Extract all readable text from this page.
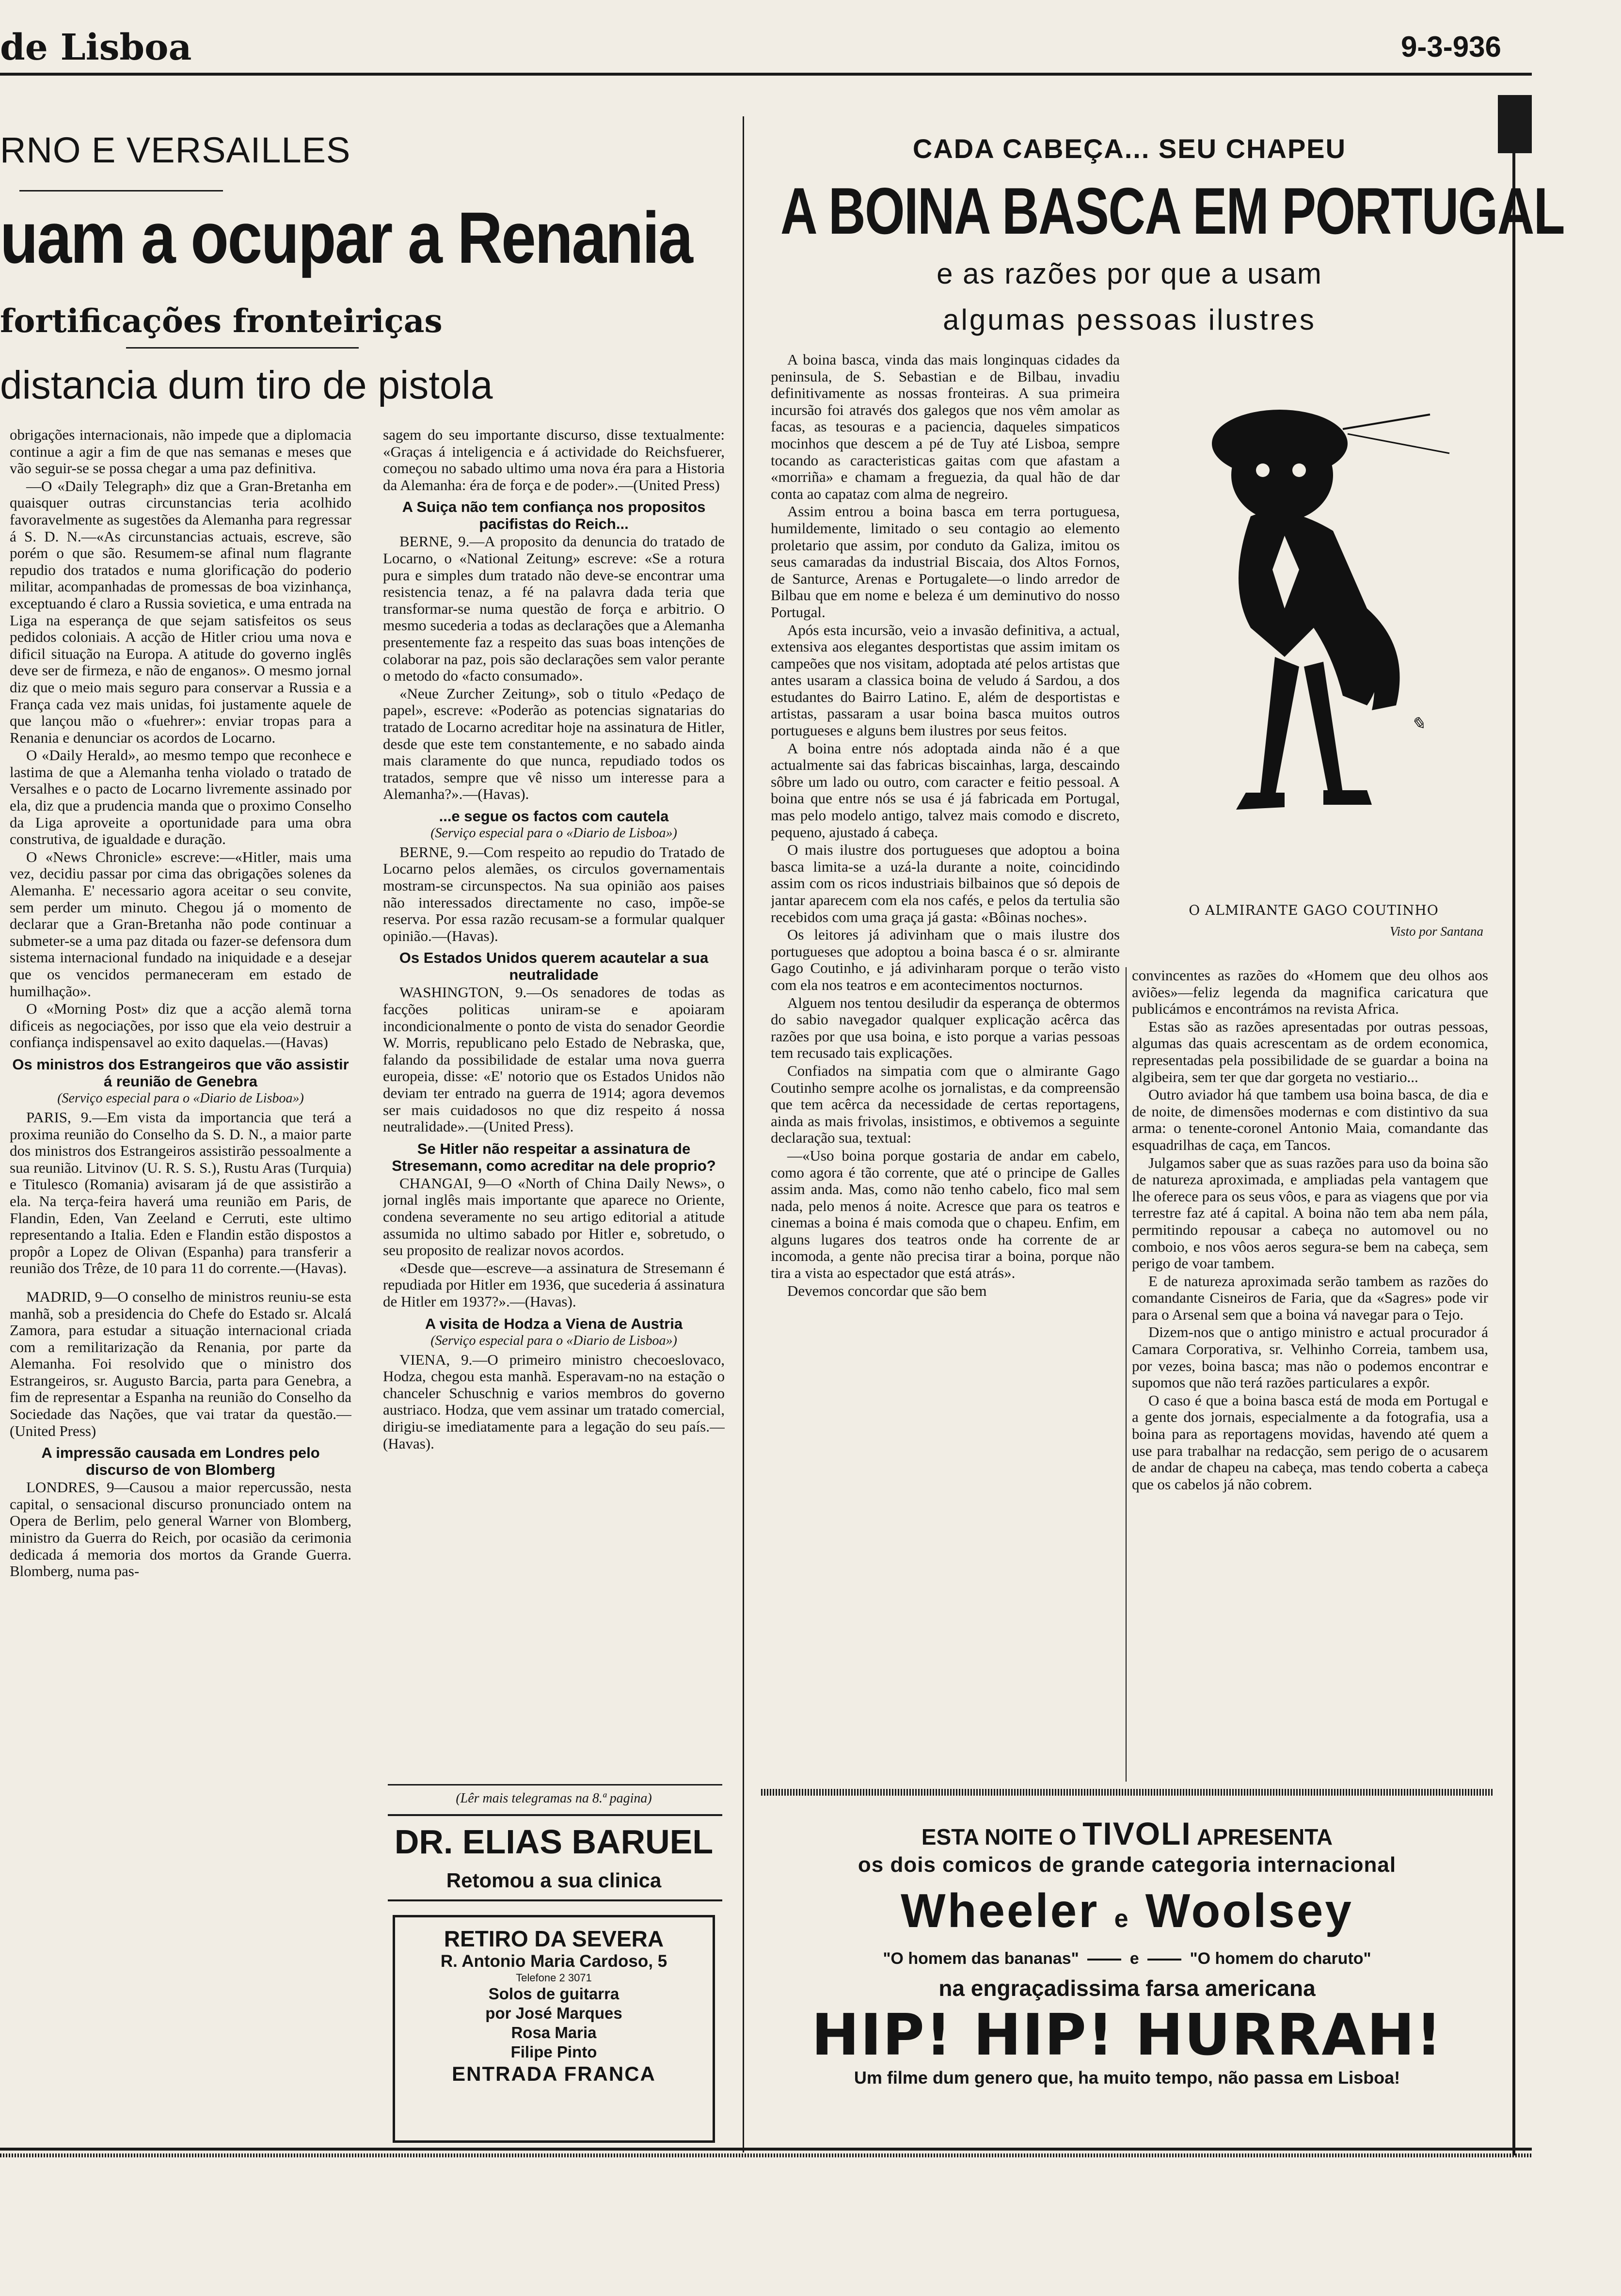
de Lisboa	9-3-936
RNO E VERSAILLES
uam a ocupar a Renania
fortificações fronteiriças
distancia dum tiro de pistola

obrigações internacionais, não impede que a diplomacia continue a agir a fim de que nas semanas e meses que vão seguir-se se possa chegar a uma paz definitiva.

—O «Daily Telegraph» diz que a Gran-Bretanha em quaisquer outras circunstancias teria acolhido favoravelmente as sugestões da Alemanha para regressar á S. D. N.—«As circunstancias actuais, escreve, são porém o que são. Resumem-se afinal num flagrante repudio dos tratados e numa glorificação do poderio militar, acompanhadas de promessas de boa vizinhança, exceptuando é claro a Russia sovietica, e uma entrada na Liga na esperança de que sejam satisfeitos os seus pedidos coloniais. A acção de Hitler criou uma nova e dificil situação na Europa. A atitude do governo inglês deve ser de firmeza, e não de enganos». O mesmo jornal diz que o meio mais seguro para conservar a Russia e a França cada vez mais unidas, foi justamente aquele de que lançou mão o «fuehrer»: enviar tropas para a Renania e denunciar os acordos de Locarno.

O «Daily Herald», ao mesmo tempo que reconhece e lastima de que a Alemanha tenha violado o tratado de Versalhes e o pacto de Locarno livremente assinado por ela, diz que a prudencia manda que o proximo Conselho da Liga aproveite a oportunidade para uma obra construtiva, de igualdade e duração.

O «News Chronicle» escreve:—«Hitler, mais uma vez, decidiu passar por cima das obrigações solenes da Alemanha. E' necessario agora aceitar o seu convite, sem perder um minuto. Chegou já o momento de declarar que a Gran-Bretanha não pode continuar a submeter-se a uma paz ditada ou fazer-se defensora dum sistema internacional fundado na iniquidade e a desejar que os vencidos permaneceram em estado de humilhação».

O «Morning Post» diz que a acção alemã torna dificeis as negociações, por isso que ela veio destruir a confiança indispensavel ao exito daquelas.—(Havas)

Os ministros dos Estrangeiros que vão assistir á reunião de Genebra
(Serviço especial para o «Diario de Lisboa»)

PARIS, 9.—Em vista da importancia que terá a proxima reunião do Conselho da S. D. N., a maior parte dos ministros dos Estrangeiros assistirão pessoalmente a sua reunião. Litvinov (U. R. S. S.), Rustu Aras (Turquia) e Titulesco (Romania) avisaram já de que assistirão a ela. Na terça-feira haverá uma reunião em Paris, de Flandin, Eden, Van Zeeland e Cerruti, este ultimo representando a Italia. Eden e Flandin estão dispostos a propôr a Lopez de Olivan (Espanha) para transferir a reunião dos Trêze, de 10 para 11 do corrente.—(Havas).

MADRID, 9—O conselho de ministros reuniu-se esta manhã, sob a presidencia do Chefe do Estado sr. Alcalá Zamora, para estudar a situação internacional criada com a remilitarização da Renania, por parte da Alemanha. Foi resolvido que o ministro dos Estrangeiros, sr. Augusto Barcia, parta para Genebra, a fim de representar a Espanha na reunião do Conselho da Sociedade das Nações, que vai tratar da questão.—(United Press)

A impressão causada em Londres pelo discurso de von Blomberg

LONDRES, 9—Causou a maior repercussão, nesta capital, o sensacional discurso pronunciado ontem na Opera de Berlim, pelo general Warner von Blomberg, ministro da Guerra do Reich, por ocasião da cerimonia dedicada á memoria dos mortos da Grande Guerra. Blomberg, numa pas-

sagem do seu importante discurso, disse textualmente: «Graças á inteligencia e á actividade do Reichsfuerer, começou no sabado ultimo uma nova éra para a Historia da Alemanha: éra de força e de poder».—(United Press)

A Suiça não tem confiança nos propositos pacifistas do Reich...

BERNE, 9.—A proposito da denuncia do tratado de Locarno, o «National Zeitung» escreve: «Se a rotura pura e simples dum tratado não deve-se encontrar uma resistencia tenaz, a fé na palavra dada teria que transformar-se numa questão de força e arbitrio. O mesmo sucederia a todas as declarações que a Alemanha presentemente faz a respeito das suas boas intenções de colaborar na paz, pois são declarações sem valor perante o metodo do «facto consumado».

«Neue Zurcher Zeitung», sob o titulo «Pedaço de papel», escreve: «Poderão as potencias signatarias do tratado de Locarno acreditar hoje na assinatura de Hitler, desde que este tem constantemente, e no sabado ainda mais claramente do que nunca, repudiado todos os tratados, sempre que vê nisso um interesse para a Alemanha?».—(Havas).

...e segue os factos com cautela
(Serviço especial para o «Diario de Lisboa»)

BERNE, 9.—Com respeito ao repudio do Tratado de Locarno pelos alemães, os circulos governamentais mostram-se circunspectos. Na sua opinião aos paises não interessados directamente no caso, impõe-se reserva. Por essa razão recusam-se a formular qualquer opinião.—(Havas).

Os Estados Unidos querem acautelar a sua neutralidade

WASHINGTON, 9.—Os senadores de todas as facções politicas uniram-se e apoiaram incondicionalmente o ponto de vista do senador Geordie W. Morris, republicano pelo Estado de Nebraska, que, falando da possibilidade de estalar uma nova guerra europeia, disse: «E' notorio que os Estados Unidos não deviam ter entrado na guerra de 1914; agora devemos ser mais cuidadosos no que diz respeito á nossa neutralidade».—(United Press).

Se Hitler não respeitar a assinatura de Stresemann, como acreditar na dele proprio?

CHANGAI, 9—O «North of China Daily News», o jornal inglês mais importante que aparece no Oriente, condena severamente no seu artigo editorial a atitude assumida no ultimo sabado por Hitler e, sobretudo, o seu proposito de realizar novos acordos.

«Desde que—escreve—a assinatura de Stresemann é repudiada por Hitler em 1936, que sucederia á assinatura de Hitler em 1937?».—(Havas).

A visita de Hodza a Viena de Austria
(Serviço especial para o «Diario de Lisboa»)

VIENA, 9.—O primeiro ministro checoeslovaco, Hodza, chegou esta manhã. Esperavam-no na estação o chanceler Schuschnig e varios membros do governo austriaco. Hodza, que vem assinar um tratado comercial, dirigiu-se imediatamente para a legação do seu país.—(Havas).

(Lêr mais telegramas na 8.ª pagina)
DR. ELIAS BARUEL
Retomou a sua clinica
RETIRO DA SEVERA
R. Antonio Maria Cardoso, 5
Telefone 2 3071
Solos de guitarra
por José Marques
Rosa Maria
Filipe Pinto
ENTRADA FRANCA
CADA CABEÇA... SEU CHAPEU
A BOINA BASCA EM PORTUGAL
e as razões por que a usam
algumas pessoas ilustres
✎
O ALMIRANTE GAGO COUTINHO
Visto por Santana

A boina basca, vinda das mais longinquas cidades da peninsula, de S. Sebastian e de Bilbau, invadiu definitivamente as nossas fronteiras. A sua primeira incursão foi através dos galegos que nos vêm amolar as facas, as tesouras e a paciencia, daqueles simpaticos mocinhos que descem a pé de Tuy até Lisboa, sempre tocando as caracteristicas gaitas com que afastam a «morriña» e chamam a freguezia, da qual hão de dar conta ao capataz com alma de negreiro.

Assim entrou a boina basca em terra portuguesa, humildemente, limitado o seu contagio ao elemento proletario que assim, por conduto da Galiza, imitou os seus camaradas da industrial Biscaia, dos Altos Fornos, de Santurce, Arenas e Portugalete—o lindo arredor de Bilbau que em nome e beleza é um deminutivo do nosso Portugal.

Após esta incursão, veio a invasão definitiva, a actual, extensiva aos elegantes desportistas que assim imitam os campeões que nos visitam, adoptada até pelos artistas que antes usaram a classica boina de veludo á Sardou, a dos estudantes do Bairro Latino. E, além de desportistas e artistas, passaram a usar boina basca muitos outros portugueses e alguns bem ilustres por seus feitos.

A boina entre nós adoptada ainda não é a que actualmente sai das fabricas biscainhas, larga, descaindo sôbre um lado ou outro, com caracter e feitio pessoal. A boina que entre nós se usa é já fabricada em Portugal, mas pelo modelo antigo, talvez mais comodo e discreto, pequeno, ajustado á cabeça.

O mais ilustre dos portugueses que adoptou a boina basca limita-se a uzá-la durante a noite, coincidindo assim com os ricos industriais bilbainos que só depois de jantar aparecem com ela nos cafés, e pelos da tertulia são recebidos com uma graça já gasta: «Bôinas noches».

Os leitores já adivinham que o mais ilustre dos portugueses que adoptou a boina basca é o sr. almirante Gago Coutinho, e já adivinharam porque o terão visto com ela nos teatros e em acontecimentos nocturnos.

Alguem nos tentou desiludir da esperança de obtermos do sabio navegador qualquer explicação acêrca das razões por que usa boina, e isto porque a varias pessoas tem recusado tais explicações.

Confiados na simpatia com que o almirante Gago Coutinho sempre acolhe os jornalistas, e da compreensão que tem acêrca da necessidade de certas reportagens, ainda as mais frivolas, insistimos, e obtivemos a seguinte declaração sua, textual:

—«Uso boina porque gostaria de andar em cabelo, como agora é tão corrente, que até o principe de Galles assim anda. Mas, como não tenho cabelo, fico mal sem nada, pelo menos á noite. Acresce que para os teatros e cinemas a boina é mais comoda que o chapeu. Enfim, em alguns lugares dos teatros onde ha corrente de ar incomoda, a gente não precisa tirar a boina, porque não tira a vista ao espectador que está atrás».

Devemos concordar que são bem

convincentes as razões do «Homem que deu olhos aos aviões»—feliz legenda da magnifica caricatura que publicámos e encontrámos na revista Africa.

Estas são as razões apresentadas por outras pessoas, algumas das quais acrescentam as de ordem economica, representadas pela possibilidade de se guardar a boina na algibeira, sem ter que dar gorgeta no vestiario...

Outro aviador há que tambem usa boina basca, de dia e de noite, de dimensões modernas e com distintivo da sua arma: o tenente-coronel Antonio Maia, comandante das esquadrilhas de caça, em Tancos.

Julgamos saber que as suas razões para uso da boina são de natureza aproximada, e ampliadas pela vantagem que lhe oferece para os seus vôos, e para as viagens que por via terrestre faz até á capital. A boina não tem aba nem pála, permitindo repousar a cabeça no automovel ou no comboio, e nos vôos aeros segura-se bem na cabeça, sem perigo de voar tambem.

E de natureza aproximada serão tambem as razões do comandante Cisneiros de Faria, que da «Sagres» pode vir para o Arsenal sem que a boina vá navegar para o Tejo.

Dizem-nos que o antigo ministro e actual procurador á Camara Corporativa, sr. Velhinho Correia, tambem usa, por vezes, boina basca; mas não o podemos encontrar e supomos que não terá razões particulares a expôr.

O caso é que a boina basca está de moda em Portugal e a gente dos jornais, especialmente a da fotografia, usa a boina para as reportagens movidas, havendo até quem a use para trabalhar na redacção, sem perigo de o acusarem de andar de chapeu na cabeça, mas tendo coberta a cabeça que os cabelos já não cobrem.

ESTA NOITE O TIVOLI APRESENTA
os dois comicos de grande categoria internacional
Wheeler e Woolsey
"O homem das bananas"	e	"O homem do charuto"
na engraçadissima farsa americana
HIP! HIP! HURRAH!
Um filme dum genero que, ha muito tempo, não passa em Lisboa!
